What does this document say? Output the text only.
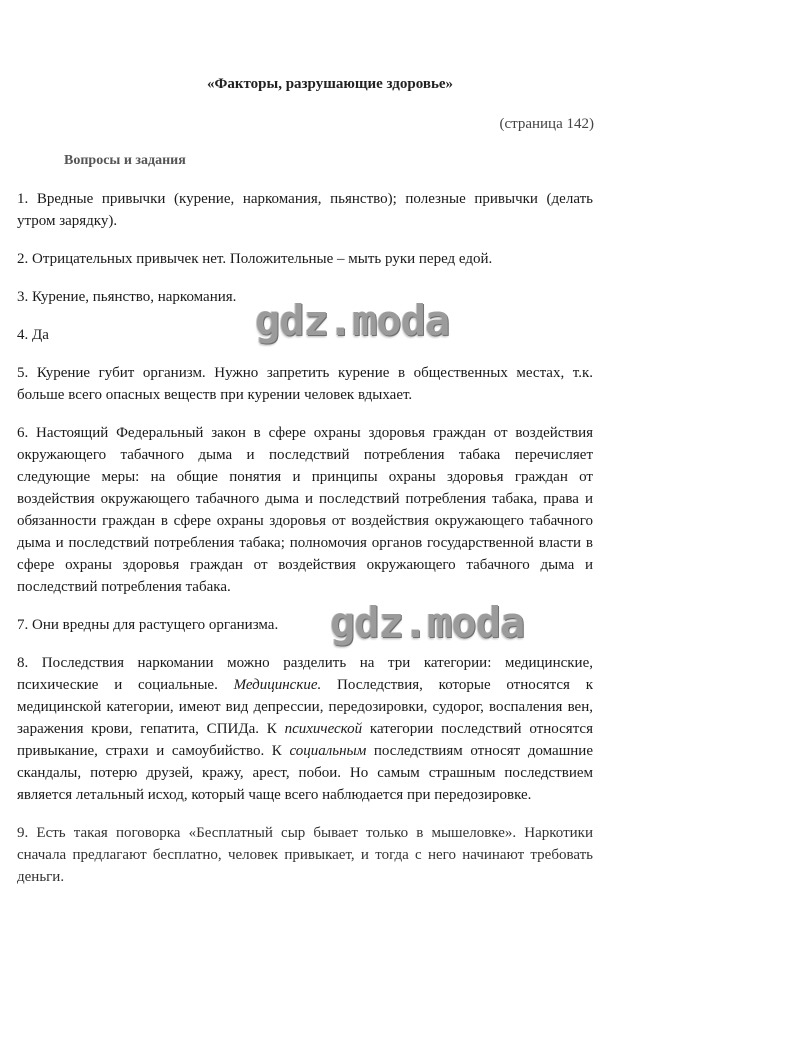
«Факторы, разрушающие здоровье»
(страница 142)
Вопросы и задания

1. Вредные привычки (курение, наркомания, пьянство); полезные привычки (делать утром зарядку).

2. Отрицательных привычек нет. Положительные – мыть руки перед едой.

3. Курение, пьянство, наркомания.

4. Да

5. Курение губит организм. Нужно запретить курение в общественных местах, т.к. больше всего опасных веществ при курении человек вдыхает.

6. Настоящий Федеральный закон в сфере охраны здоровья граждан от воздействия окружающего табачного дыма и последствий потребления табака перечисляет следующие меры: на общие понятия и принципы охраны здоровья граждан от воздействия окружающего табачного дыма и последствий потребления табака, права и обязанности граждан в сфере охраны здоровья от воздействия окружающего табачного дыма и последствий потребления табака; полномочия органов государственной власти в сфере охраны здоровья граждан от воздействия окружающего табачного дыма и последствий потребления табака.

7. Они вредны для растущего организма.

8. Последствия наркомании можно разделить на три категории: медицинские, психические и социальные. Медицинские. Последствия, которые относятся к медицинской категории, имеют вид депрессии, передозировки, судорог, воспаления вен, заражения крови, гепатита, СПИДа. К психической категории последствий относятся привыкание, страхи и самоубийство. К социальным последствиям относят домашние скандалы, потерю друзей, кражу, арест, побои. Но самым страшным последствием является летальный исход, который чаще всего наблюдается при передозировке.

9. Есть такая поговорка «Бесплатный сыр бывает только в мышеловке». Наркотики сначала предлагают бесплатно, человек привыкает, и тогда с него начинают требовать деньги.

gdz.moda
gdz.moda
